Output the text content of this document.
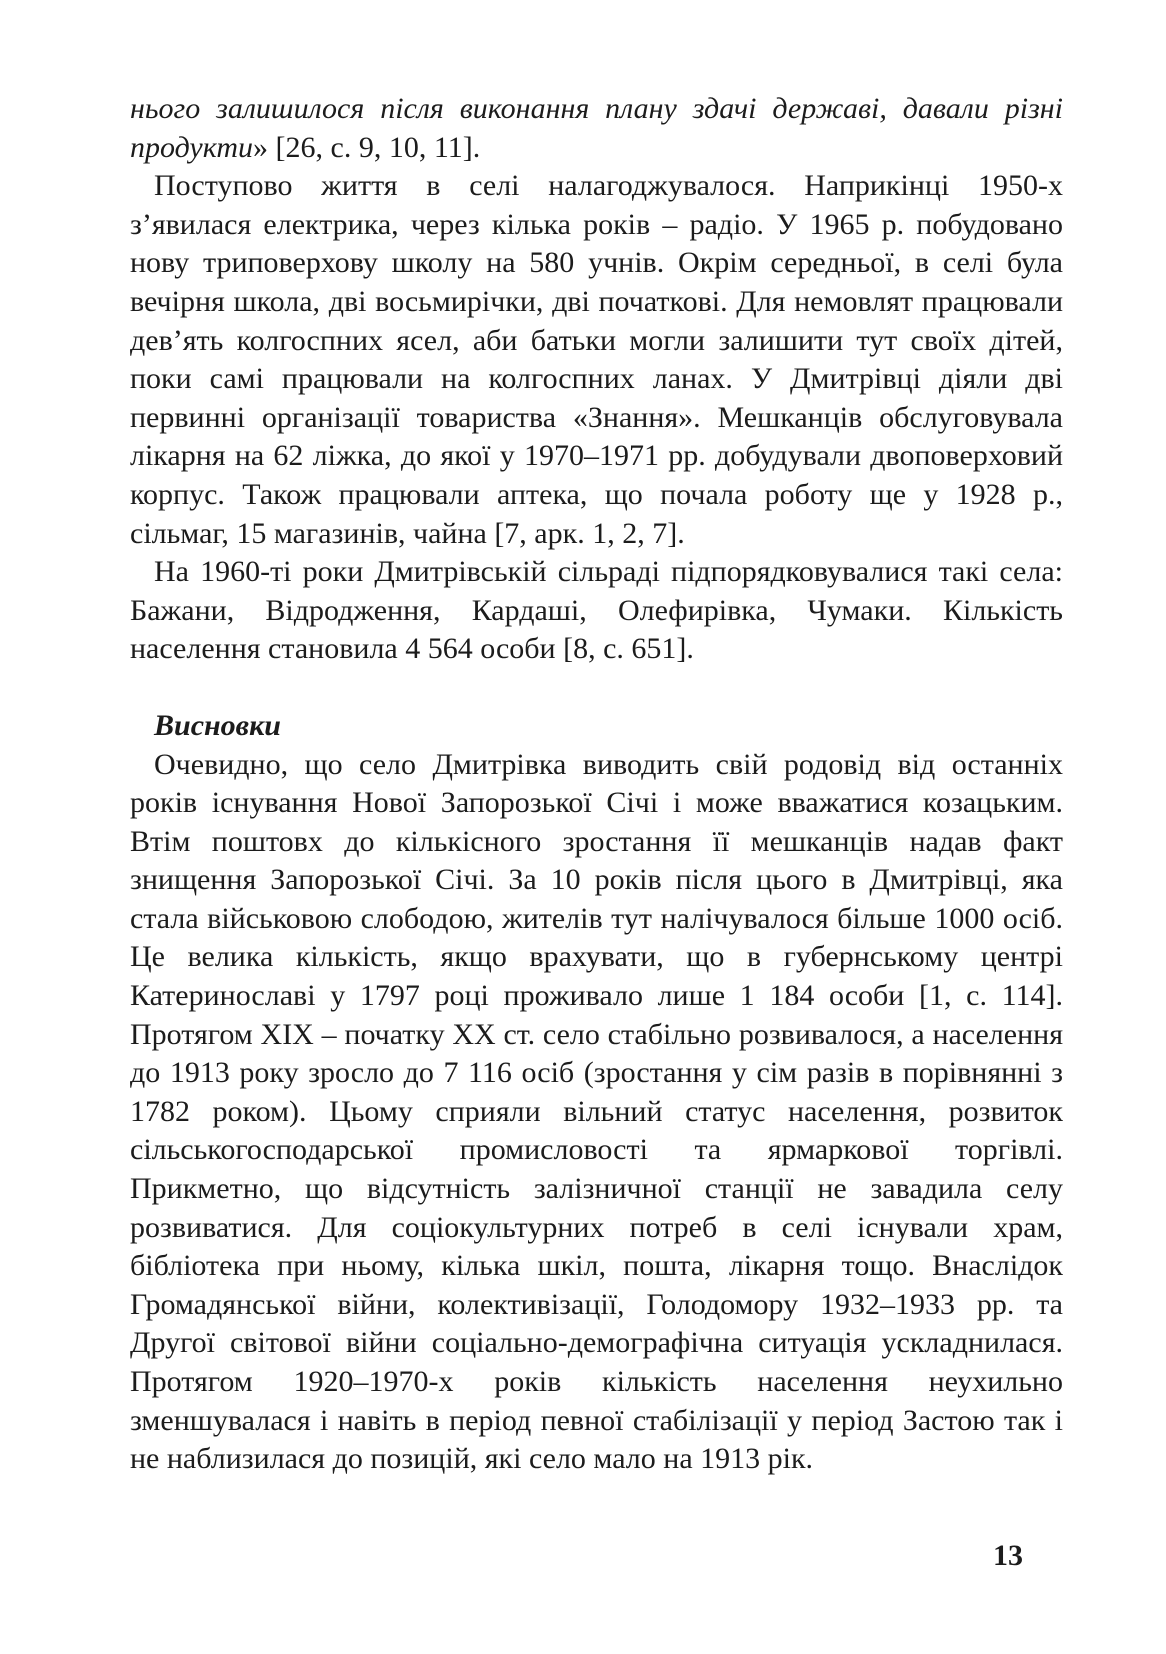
нього залишилося після виконання плану здачі державі, давали різні продукти» [26, с. 9, 10, 11].

Поступово життя в селі налагоджувалося. Наприкінці 1950-х з’явилася електрика, через кілька років – радіо. У 1965 р. побудовано нову триповерхову школу на 580 учнів. Окрім середньої, в селі була вечірня школа, дві восьмирічки, дві початкові. Для немовлят працювали дев’ять колгоспних ясел, аби батьки могли залишити тут своїх дітей, поки самі працювали на колгоспних ланах. У Дмитрівці діяли дві первинні організації товариства «Знання». Мешканців обслуговувала лікарня на 62 ліжка, до якої у 1970–1971 рр. добудували двоповерховий корпус. Також працювали аптека, що почала роботу ще у 1928 р., сільмаг, 15 магазинів, чайна [7, арк. 1, 2, 7].

На 1960-ті роки Дмитрівській сільраді підпорядковувалися такі села: Бажани, Відродження, Кардаші, Олефирівка, Чумаки. Кількість населення становила 4 564 особи [8, с. 651].

Висновки

Очевидно, що село Дмитрівка виводить свій родовід від останніх років існування Нової Запорозької Січі і може вважатися козацьким. Втім поштовх до кількісного зростання її мешканців надав факт знищення Запорозької Січі. За 10 років після цього в Дмитрівці, яка стала військовою слободою, жителів тут налічувалося більше 1000 осіб. Це велика кількість, якщо врахувати, що в губернському центрі Катеринославі у 1797 році проживало лише 1 184 особи [1, с. 114]. Протягом ХІХ – початку ХХ ст. село стабільно розвивалося, а населення до 1913 року зросло до 7 116 осіб (зростання у сім разів в порівнянні з 1782 роком). Цьому сприяли вільний статус населення, розвиток сільськогосподарської промисловості та ярмаркової торгівлі. Прикметно, що відсутність залізничної станції не завадила селу розвиватися. Для соціокультурних потреб в селі існували храм, бібліотека при ньому, кілька шкіл, пошта, лікарня тощо. Внаслідок Громадянської війни, колективізації, Голодомору 1932–1933 рр. та Другої світової війни соціально-демографічна ситуація ускладнилася. Протягом 1920–1970-х років кількість населення неухильно зменшувалася і навіть в період певної стабілізації у період Застою так і не наблизилася до позицій, які село мало на 1913 рік.

13
